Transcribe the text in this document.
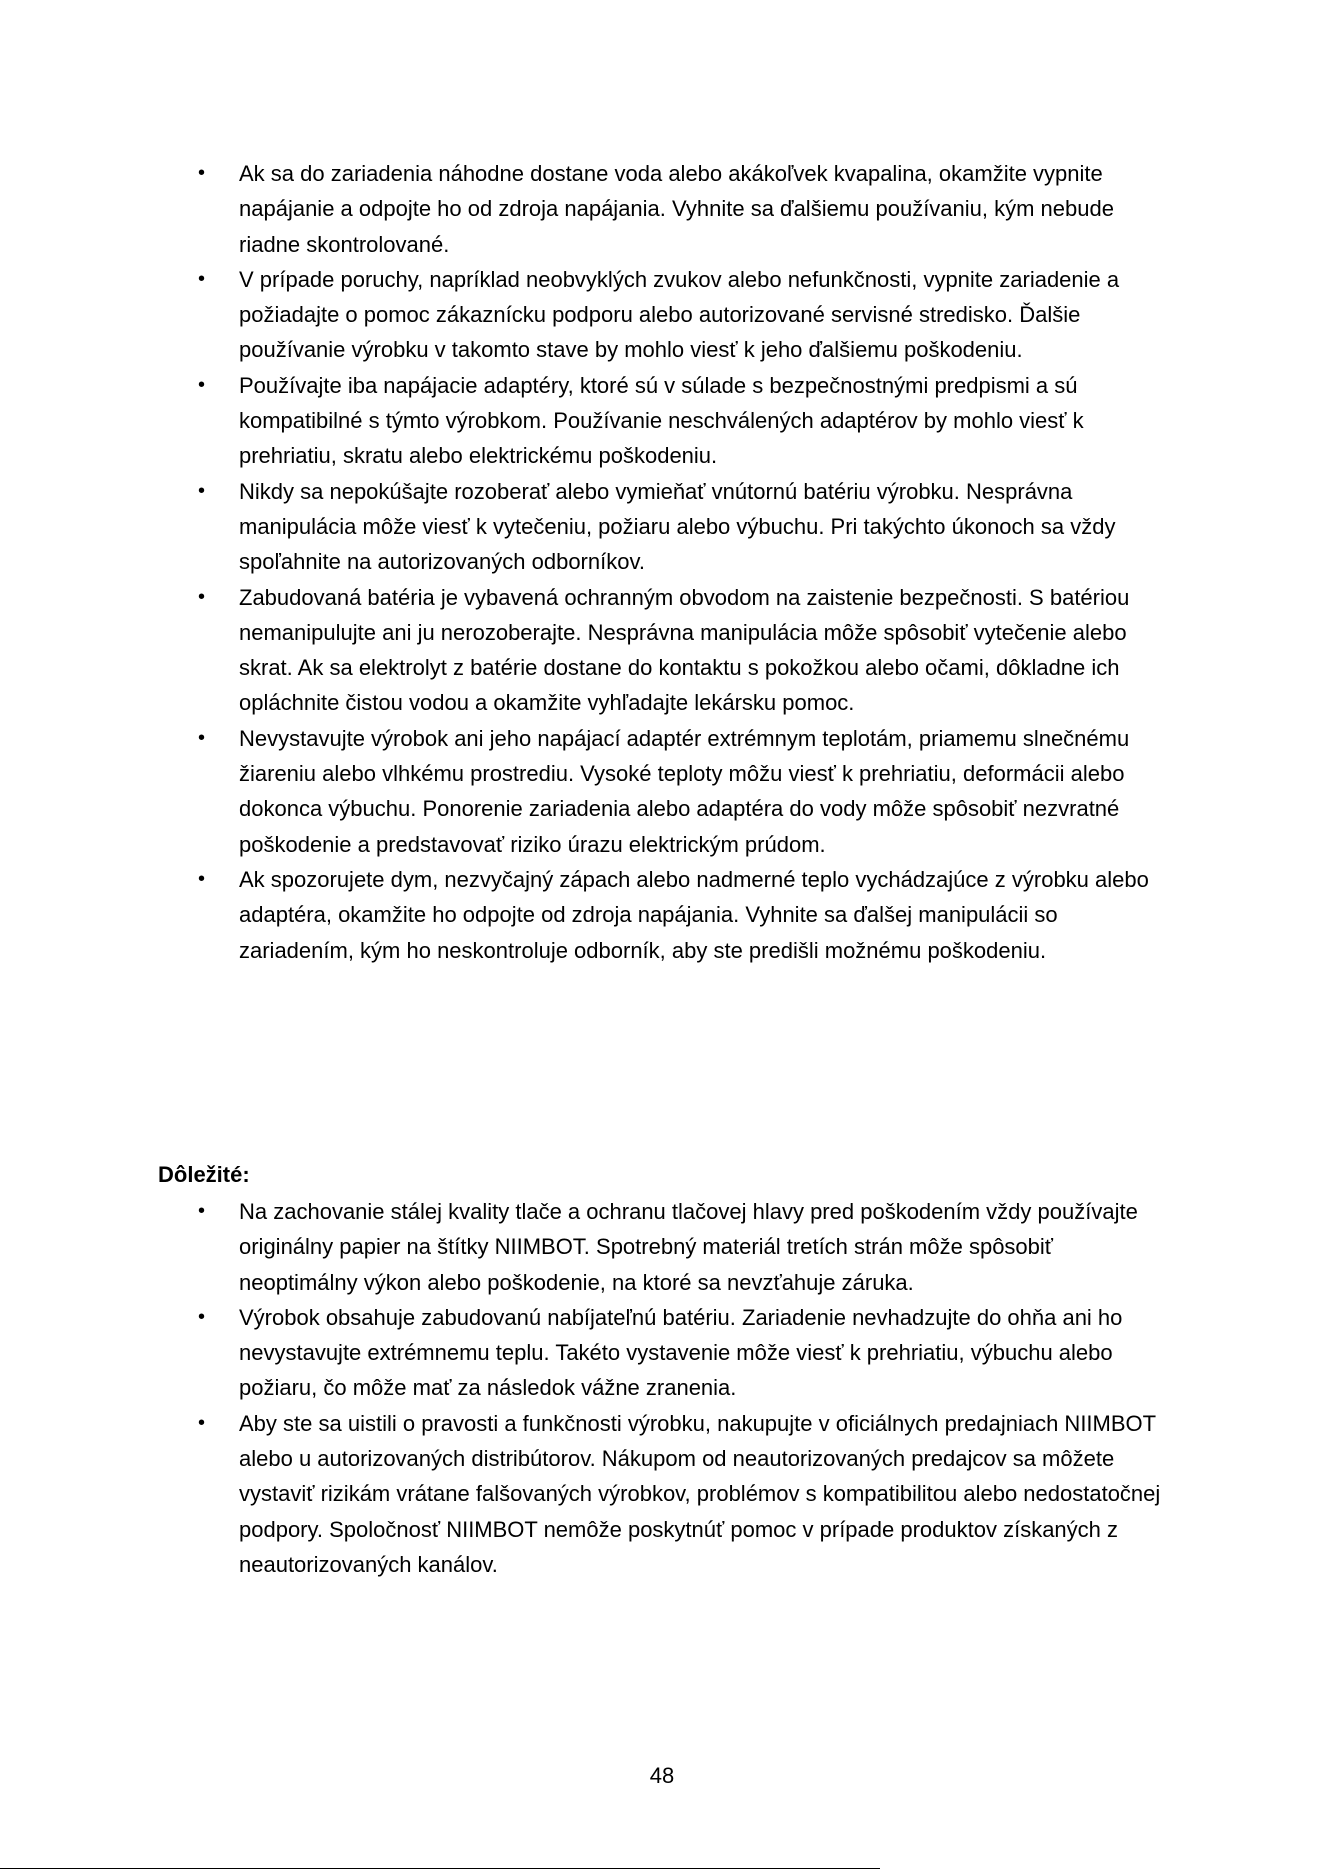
• Ak sa do zariadenia náhodne dostane voda alebo akákoľvek kvapalina, okamžite vypnite napájanie a odpojte ho od zdroja napájania. Vyhnite sa ďalšiemu používaniu, kým nebude riadne skontrolované.
• V prípade poruchy, napríklad neobvyklých zvukov alebo nefunkčnosti, vypnite zariadenie a požiadajte o pomoc zákaznícku podporu alebo autorizované servisné stredisko. Ďalšie používanie výrobku v takomto stave by mohlo viesť k jeho ďalšiemu poškodeniu.
• Používajte iba napájacie adaptéry, ktoré sú v súlade s bezpečnostnými predpismi a sú kompatibilné s týmto výrobkom. Používanie neschválených adaptérov by mohlo viesť k prehriatiu, skratu alebo elektrickému poškodeniu.
• Nikdy sa nepokúšajte rozoberať alebo vymieňať vnútornú batériu výrobku. Nesprávna manipulácia môže viesť k vytečeniu, požiaru alebo výbuchu. Pri takýchto úkonoch sa vždy spoľahnite na autorizovaných odborníkov.
• Zabudovaná batéria je vybavená ochranným obvodom na zaistenie bezpečnosti. S batériou nemanipulujte ani ju nerozoberajte. Nesprávna manipulácia môže spôsobiť vytečenie alebo skrat. Ak sa elektrolyt z batérie dostane do kontaktu s pokožkou alebo očami, dôkladne ich opláchnite čistou vodou a okamžite vyhľadajte lekársku pomoc.
• Nevystavujte výrobok ani jeho napájací adaptér extrémnym teplotám, priamemu slnečnému žiareniu alebo vlhkému prostrediu. Vysoké teploty môžu viesť k prehriatiu, deformácii alebo dokonca výbuchu. Ponorenie zariadenia alebo adaptéra do vody môže spôsobiť nezvratné poškodenie a predstavovať riziko úrazu elektrickým prúdom.
• Ak spozorujete dym, nezvyčajný zápach alebo nadmerné teplo vychádzajúce z výrobku alebo adaptéra, okamžite ho odpojte od zdroja napájania. Vyhnite sa ďalšej manipulácii so zariadením, kým ho neskontroluje odborník, aby ste predišli možnému poškodeniu.
Dôležité:
• Na zachovanie stálej kvality tlače a ochranu tlačovej hlavy pred poškodením vždy používajte originálny papier na štítky NIIMBOT. Spotrebný materiál tretích strán môže spôsobiť neoptimálny výkon alebo poškodenie, na ktoré sa nevzťahuje záruka.
• Výrobok obsahuje zabudovanú nabíjateľnú batériu. Zariadenie nevhadzujte do ohňa ani ho nevystavujte extrémnemu teplu. Takéto vystavenie môže viesť k prehriatiu, výbuchu alebo požiaru, čo môže mať za následok vážne zranenia.
• Aby ste sa uistili o pravosti a funkčnosti výrobku, nakupujte v oficiálnych predajniach NIIMBOT alebo u autorizovaných distribútorov. Nákupom od neautorizovaných predajcov sa môžete vystaviť rizikám vrátane falšovaných výrobkov, problémov s kompatibilitou alebo nedostatočnej podpory. Spoločnosť NIIMBOT nemôže poskytnúť pomoc v prípade produktov získaných z neautorizovaných kanálov.
48
